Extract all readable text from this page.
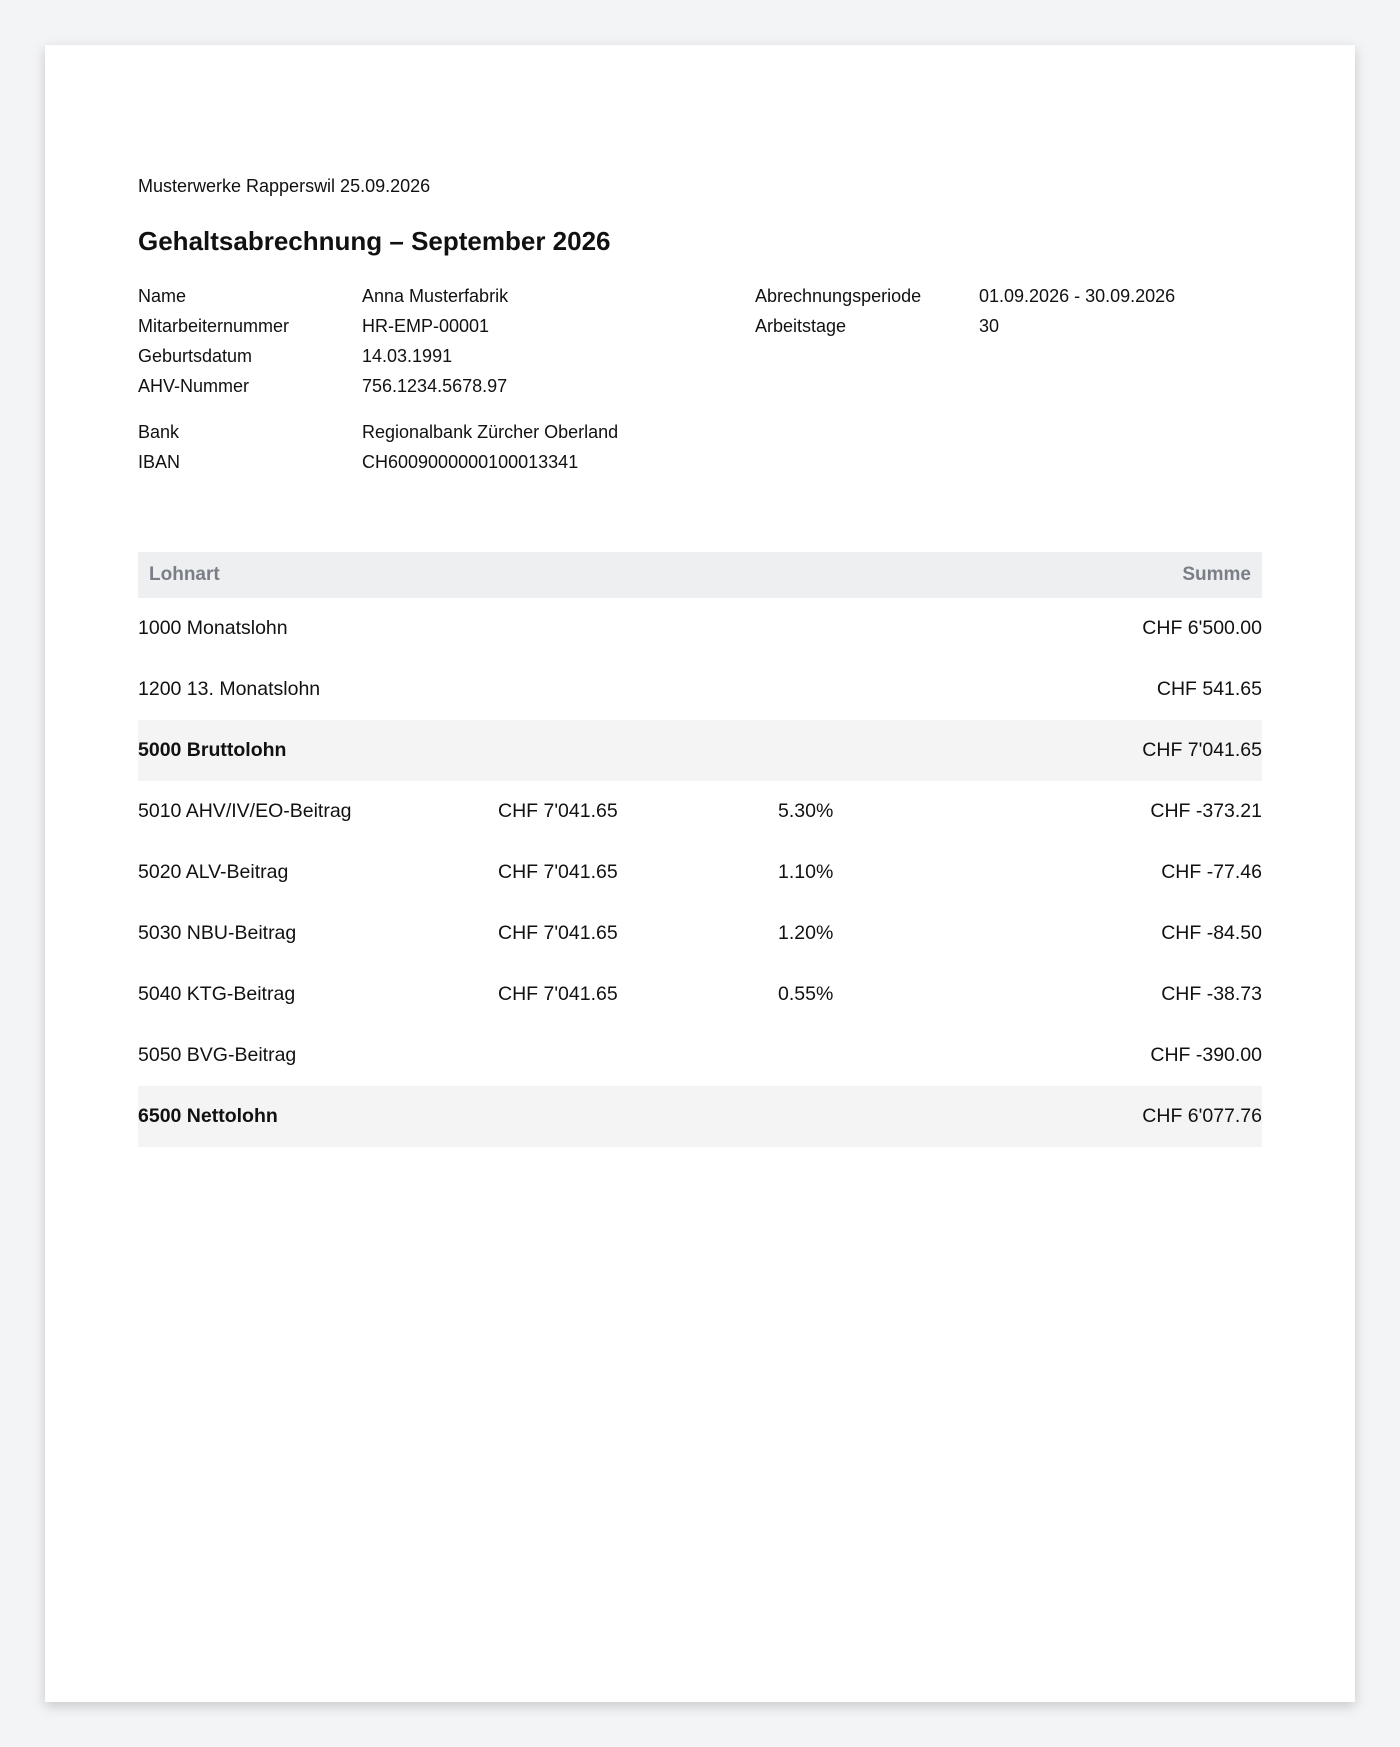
Musterwerke Rapperswil 25.09.2026
Gehaltsabrechnung – September 2026
Name	Anna Musterfabrik
Mitarbeiternummer	HR-EMP-00001
Geburtsdatum	14.03.1991
AHV-Nummer	756.1234.5678.97
Bank	Regionalbank Zürcher Oberland
IBAN	CH6009000000100013341
Abrechnungsperiode	01.09.2026 - 30.09.2026
Arbeitstage	30
Lohnart	Summe
1000 Monatslohn	CHF 6'500.00
1200 13. Monatslohn	CHF 541.65
5000 Bruttolohn	CHF 7'041.65
5010 AHV/IV/EO-Beitrag	CHF 7'041.65	5.30%	CHF -373.21
5020 ALV-Beitrag	CHF 7'041.65	1.10%	CHF -77.46
5030 NBU-Beitrag	CHF 7'041.65	1.20%	CHF -84.50
5040 KTG-Beitrag	CHF 7'041.65	0.55%	CHF -38.73
5050 BVG-Beitrag	CHF -390.00
6500 Nettolohn	CHF 6'077.76
